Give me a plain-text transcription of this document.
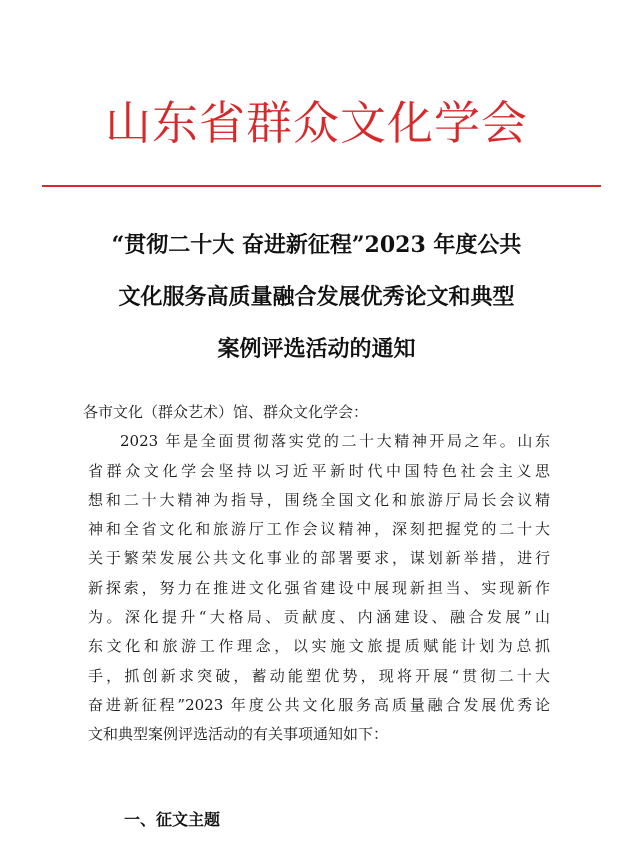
山东省群众文化学会
“贯彻二十大 奋进新征程”2023 年度公共
文化服务高质量融合发展优秀论文和典型
案例评选活动的通知
各市文化（群众艺术）馆、群众文化学会：
2023 年是全面贯彻落实党的二十大精神开局之年。山东
省群众文化学会坚持以习近平新时代中国特色社会主义思
想和二十大精神为指导，围绕全国文化和旅游厅局长会议精
神和全省文化和旅游厅工作会议精神，深刻把握党的二十大
关于繁荣发展公共文化事业的部署要求，谋划新举措，进行
新探索，努力在推进文化强省建设中展现新担当、实现新作
为。深化提升“大格局、贡献度、内涵建设、融合发展”山
东文化和旅游工作理念，以实施文旅提质赋能计划为总抓
手，抓创新求突破，蓄动能塑优势，现将开展“贯彻二十大
奋进新征程”2023 年度公共文化服务高质量融合发展优秀论
文和典型案例评选活动的有关事项通知如下：
一、征文主题
